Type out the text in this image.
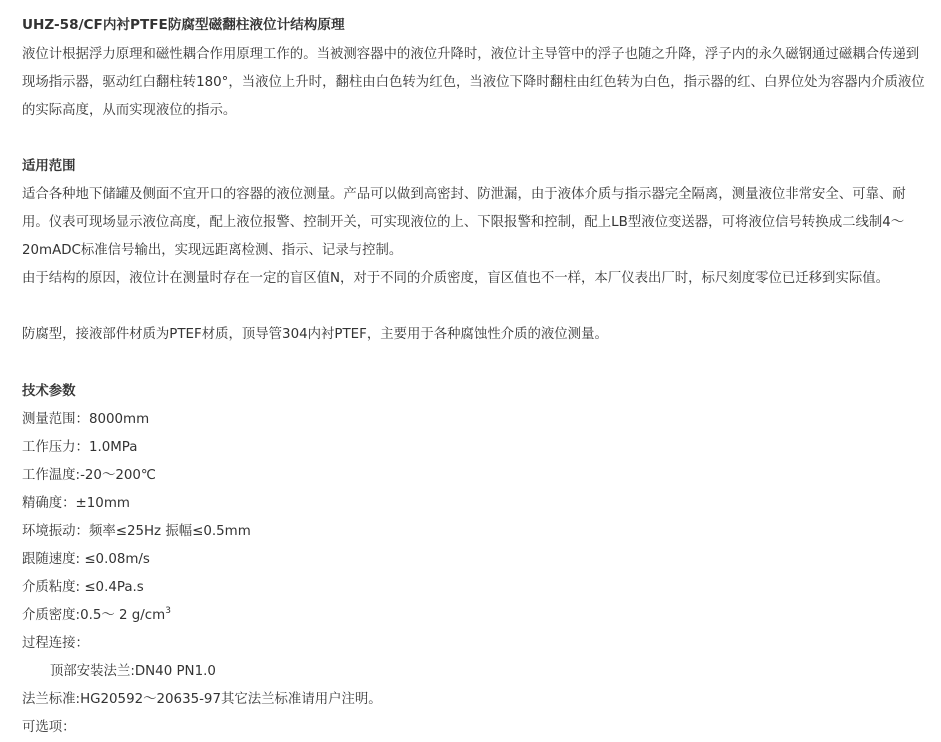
UHZ-58/CF内衬PTFE防腐型磁翻柱液位计结构原理

液位计根据浮力原理和磁性耦合作用原理工作的。当被测容器中的液位升降时，液位计主导管中的浮子也随之升降，浮子内的永久磁钢通过磁耦合传递到现场指示器，驱动红白翻柱转180°，当液位上升时，翻柱由白色转为红色，当液位下降时翻柱由红色转为白色，指示器的红、白界位处为容器内介质液位的实际高度，从而实现液位的指示。

适用范围

适合各种地下储罐及侧面不宜开口的容器的液位测量。产品可以做到高密封、防泄漏，由于液体介质与指示器完全隔离，测量液位非常安全、可靠、耐用。仪表可现场显示液位高度，配上液位报警、控制开关，可实现液位的上、下限报警和控制，配上LB型液位变送器，可将液位信号转换成二线制4～20mADC标准信号输出，实现远距离检测、指示、记录与控制。

由于结构的原因，液位计在测量时存在一定的盲区值N，对于不同的介质密度，盲区值也不一样，本厂仪表出厂时，标尺刻度零位已迁移到实际值。

防腐型，接液部件材质为PTEF材质，顶导管304内衬PTEF，主要用于各种腐蚀性介质的液位测量。

技术参数
测量范围：8000mm
工作压力：1.0MPa
工作温度:-20～200℃
精确度：±10mm
环境振动：频率≤25Hz 振幅≤0.5mm
跟随速度: ≤0.08m/s
介质粘度: ≤0.4Pa.s
介质密度:0.5～ 2 $g/cm^3$
过程连接：
顶部安装法兰:DN40 PN1.0
法兰标准:HG20592～20635-97其它法兰标准请用户注明。
可选项：
